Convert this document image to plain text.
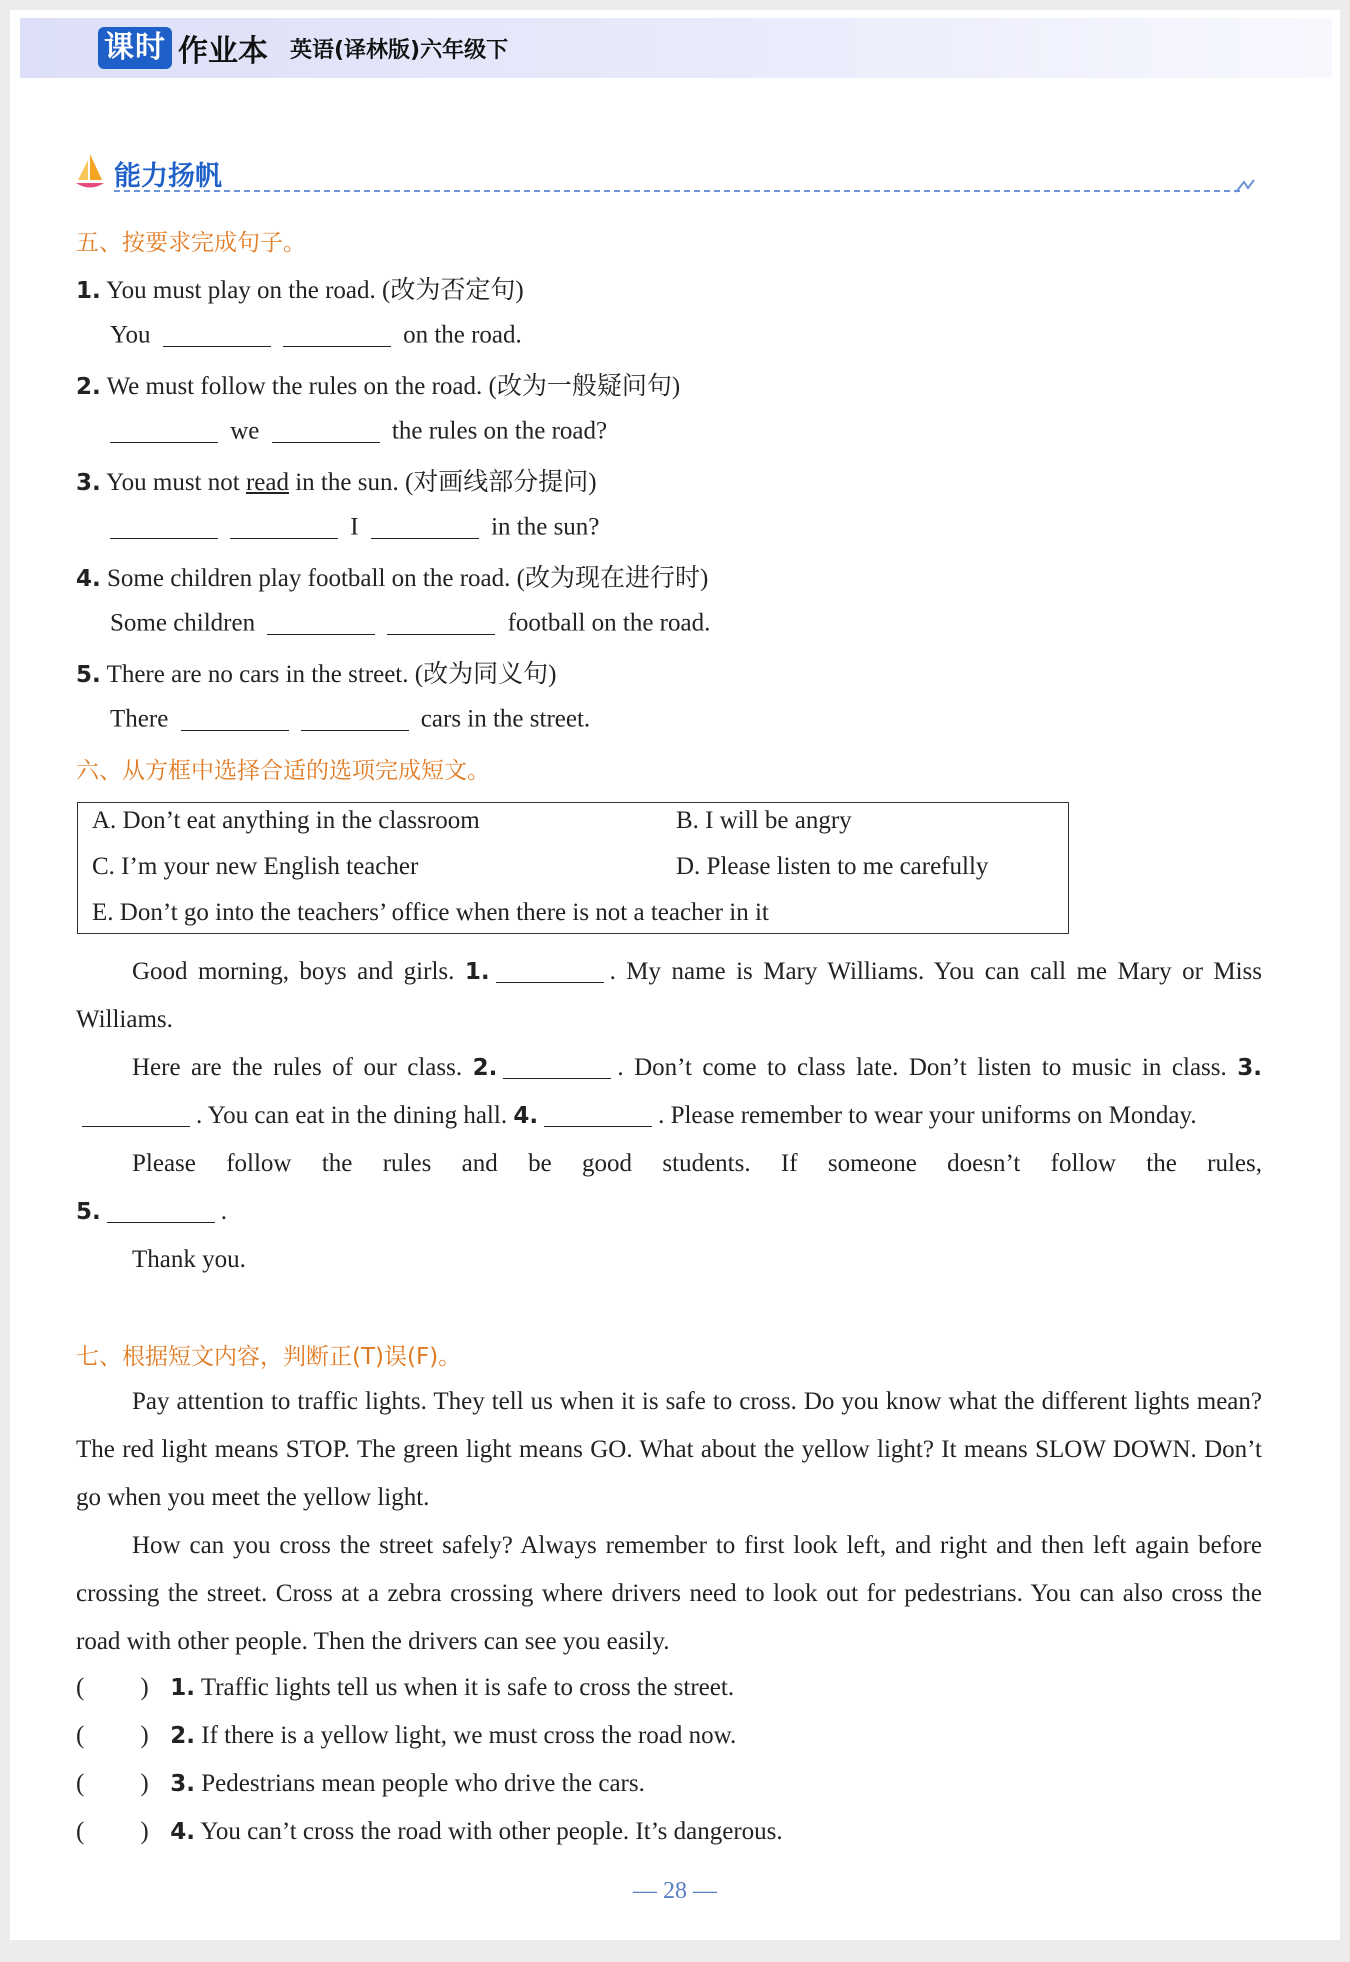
课时 作业本 英语(译林版)六年级下
能力扬帆
五、按要求完成句子。
1. You must play on the road. (改为否定句)
You	on the road.
2. We must follow the rules on the road. (改为一般疑问句)
we	the rules on the road?
3. You must not read in the sun. (对画线部分提问)
I	in the sun?
4. Some children play football on the road. (改为现在进行时)
Some children	football on the road.
5. There are no cars in the street. (改为同义句)
There	cars in the street.
六、从方框中选择合适的选项完成短文。
A. Don’t eat anything in the classroom	B. I will be angry
C. I’m your new English teacher	D. Please listen to me carefully
E. Don’t go into the teachers’ office when there is not a teacher in it

Good morning, boys and girls. 1.	. My name is Mary Williams. You can call me Mary or Miss Williams.

Here are the rules of our class. 2.	. Don’t come to class late. Don’t listen to music in class. 3.. You can eat in the dining hall. 4.	. Please remember to wear your uniforms on Monday.

Please follow the rules and be good students. If someone doesn’t follow the rules,

5.	.

Thank you.

七、根据短文内容，判断正(T)误(F)。

Pay attention to traffic lights. They tell us when it is safe to cross. Do you know what the different lights mean? The red light means STOP. The green light means GO. What about the yellow light? It means SLOW DOWN. Don’t go when you meet the yellow light.

How can you cross the street safely? Always remember to first look left, and right and then left again before crossing the street. Cross at a zebra crossing where drivers need to look out for pedestrians. You can also cross the road with other people. Then the drivers can see you easily.

( ) 1. Traffic lights tell us when it is safe to cross the street.
( ) 2. If there is a yellow light, we must cross the road now.
( ) 3. Pedestrians mean people who drive the cars.
( ) 4. You can’t cross the road with other people. It’s dangerous.
— 28 —
